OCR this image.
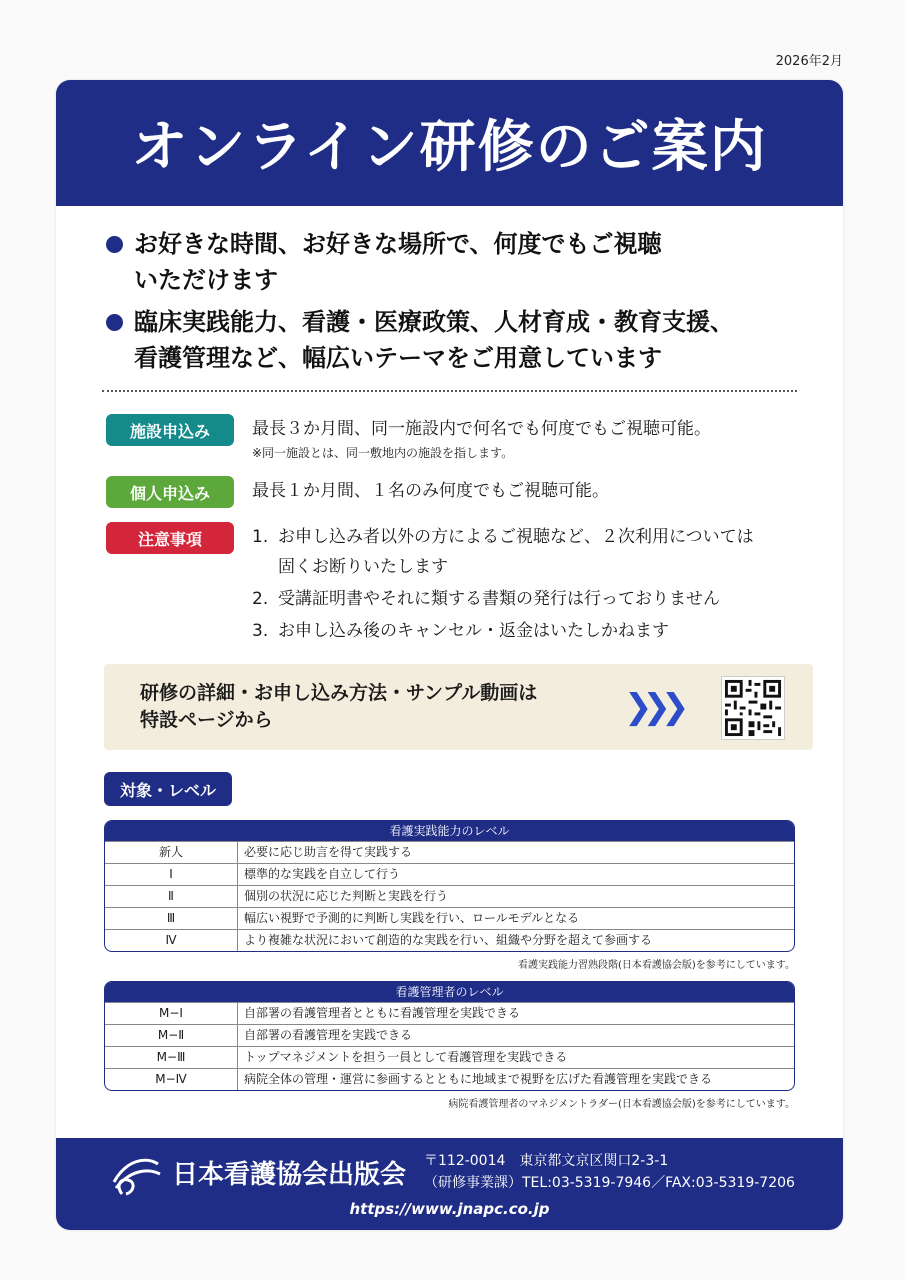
2026年2月
オンライン研修のご案内
お好きな時間、お好きな場所で、何度でもご視聴
いただけます
臨床実践能力、看護・医療政策、人材育成・教育支援、
看護管理など、幅広いテーマをご用意しています
施設申込み	最長３か月間、同一施設内で何名でも何度でもご視聴可能。
※同一施設とは、同一敷地内の施設を指します。
個人申込み	最長１か月間、１名のみ何度でもご視聴可能。
注意事項	1. お申し込み者以外の方によるご視聴など、２次利用については
固くお断りいたします
2. 受講証明書やそれに類する書類の発行は行っておりません
3. お申し込み後のキャンセル・返金はいたしかねます
研修の詳細・お申し込み方法・サンプル動画は
特設ページから	❯❯❯
対象・レベル
看護実践能力のレベル
新人	必要に応じ助言を得て実践する
Ⅰ	標準的な実践を自立して行う
Ⅱ	個別の状況に応じた判断と実践を行う
Ⅲ	幅広い視野で予測的に判断し実践を行い、ロールモデルとなる
Ⅳ	より複雑な状況において創造的な実践を行い、組織や分野を超えて参画する
看護実践能力習熟段階(日本看護協会版)を参考にしています。
看護管理者のレベル
M−Ⅰ	自部署の看護管理者とともに看護管理を実践できる
M−Ⅱ	自部署の看護管理を実践できる
M−Ⅲ	トップマネジメントを担う一員として看護管理を実践できる
M−Ⅳ	病院全体の管理・運営に参画するとともに地域まで視野を広げた看護管理を実践できる
病院看護管理者のマネジメントラダー(日本看護協会版)を参考にしています。
日本看護協会出版会 〒112-0014　東京都文京区関口2-3-1
（研修事業課）TEL:03-5319-7946／FAX:03-5319-7206
https://www.jnapc.co.jp
